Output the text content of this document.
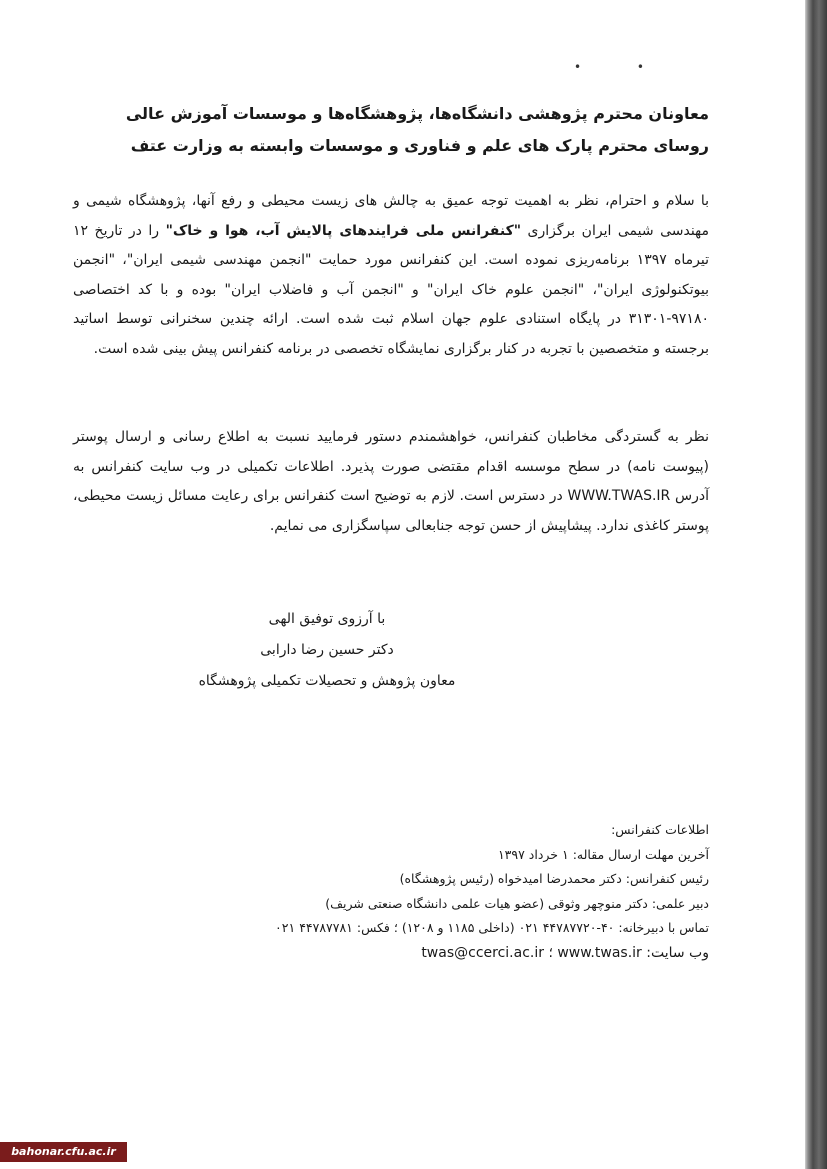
• •
معاونان محترم پژوهشی دانشگاه‌ها، پژوهشگاه‌ها و موسسات آموزش عالی
روسای محترم پارک های علم و فناوری و موسسات وابسته به وزارت عتف
با سلام و احترام، نظر به اهمیت توجه عمیق به چالش های زیست محیطی و رفع آنها، پژوهشگاه شیمی و مهندسی شیمی ایران برگزاری "کنفرانس ملی فرایندهای پالایش آب، هوا و خاک" را در تاریخ ۱۲ تیرماه ۱۳۹۷ برنامه‌ریزی نموده است. این کنفرانس مورد حمایت "انجمن مهندسی شیمی ایران"، "انجمن بیوتکنولوژی ایران"، "انجمن علوم خاک ایران" و "انجمن آب و فاضلاب ایران" بوده و با کد اختصاصی ۹۷۱۸۰-۳۱۳۰۱ در پایگاه استنادی علوم جهان اسلام ثبت شده است. ارائه چندین سخنرانی توسط اساتید برجسته و متخصصین با تجربه در کنار برگزاری نمایشگاه تخصصی در برنامه کنفرانس پیش بینی شده است.
نظر به گستردگی مخاطبان کنفرانس، خواهشمندم دستور فرمایید نسبت به اطلاع رسانی و ارسال پوستر (پیوست نامه) در سطح موسسه اقدام مقتضی صورت پذیرد. اطلاعات تکمیلی در وب سایت کنفرانس به آدرس WWW.TWAS.IR در دسترس است. لازم به توضیح است کنفرانس برای رعایت مسائل زیست محیطی، پوستر کاغذی ندارد. پیشاپیش از حسن توجه جنابعالی سپاسگزاری می نمایم.
با آرزوی توفیق الهی
دکتر حسین رضا دارابی
معاون پژوهش و تحصیلات تکمیلی پژوهشگاه
اطلاعات کنفرانس:
آخرین مهلت ارسال مقاله: ۱ خرداد ۱۳۹۷
رئیس کنفرانس: دکتر محمدرضا امیدخواه (رئیس پژوهشگاه)
دبیر علمی: دکتر منوچهر وثوقی (عضو هیات علمی دانشگاه صنعتی شریف)
تماس با دبیرخانه: ۴۰-۴۴۷۸۷۷۲۰ ۰۲۱ (داخلی ۱۱۸۵ و ۱۲۰۸) ؛ فکس: ۴۴۷۸۷۷۸۱ ۰۲۱
وب سایت: www.twas.ir ؛ twas@ccerci.ac.ir
bahonar.cfu.ac.ir
